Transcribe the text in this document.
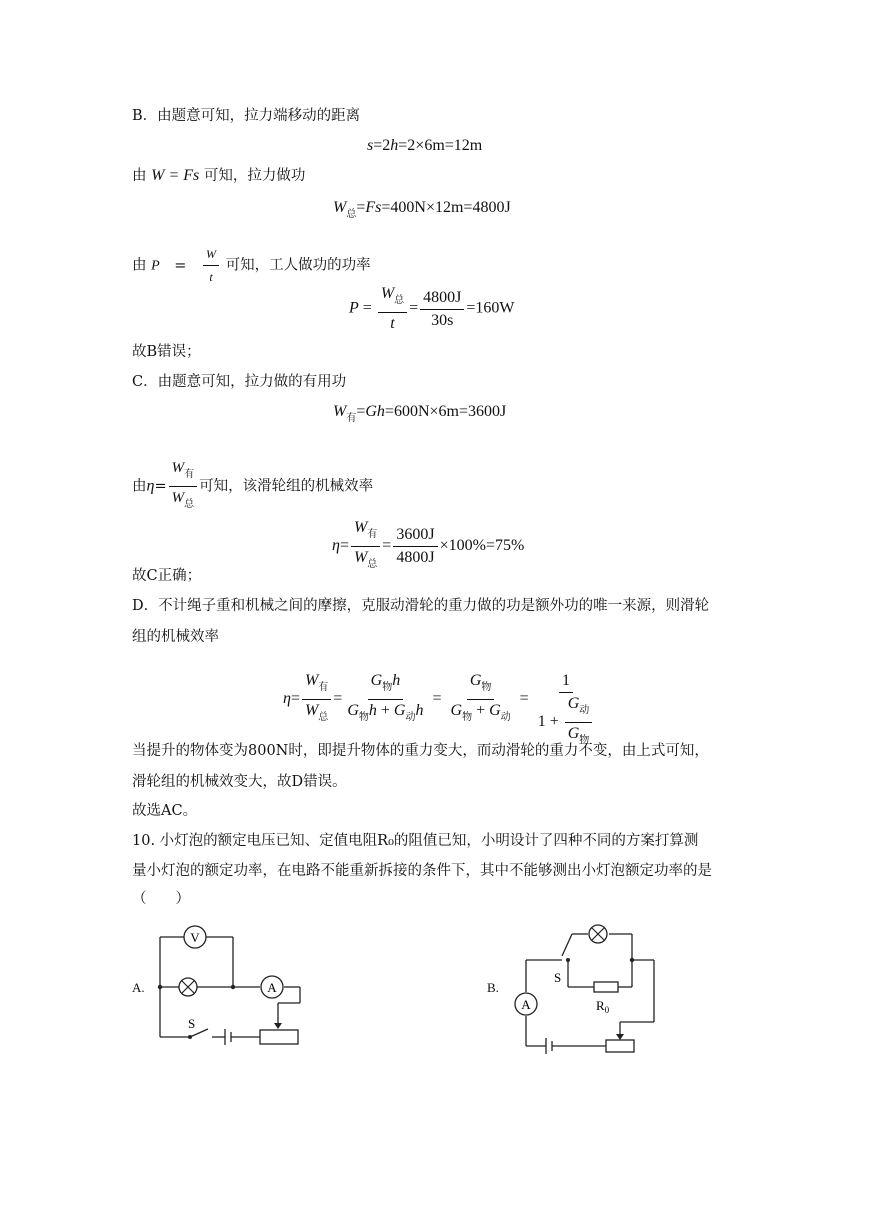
B．由题意可知，拉力端移动的距离
s=2h=2×6m=12m
由 W = Fs 可知，拉力做功
$W_总=Fs=400N\times 12m=4800J$
由 $P = \frac{W}{t}$ 可知，工人做功的功率
$P = \frac{W_总}{t} = \frac{4800J}{30s} =160W$
故B错误；
C．由题意可知，拉力做的有用功
$W_有=Gh=600N\times 6m=3600J$
由$\eta= \frac{W_有}{W_总}$ 可知，该滑轮组的机械效率
$\eta= \frac{W_有}{W_总} = \frac{3600J}{4800J} \times 100\%=75\%$
故C正确；
D．不计绳子重和机械之间的摩擦，克服动滑轮的重力做的功是额外功的唯一来源，则滑轮
组的机械效率
$\eta= \frac{W_有}{W_总} = \frac{G_物h}{G_物h + G_动h} = \frac{G_物}{G_物 + G_动} = \frac{1}{1 + \frac{G_动}{G_物}}$
当提升的物体变为800N时，即提升物体的重力变大，而动滑轮的重力不变，由上式可知，
滑轮组的机械效变大，故D错误。
故选AC。
10. 小灯泡的额定电压已知、定值电阻R₀的阻值已知，小明设计了四种不同的方案打算测
量小灯泡的额定功率，在电路不能重新拆接的条件下，其中不能够测出小灯泡额定功率的是
（　　）
A.
V
A
S
B.
A
S
$R_0$
